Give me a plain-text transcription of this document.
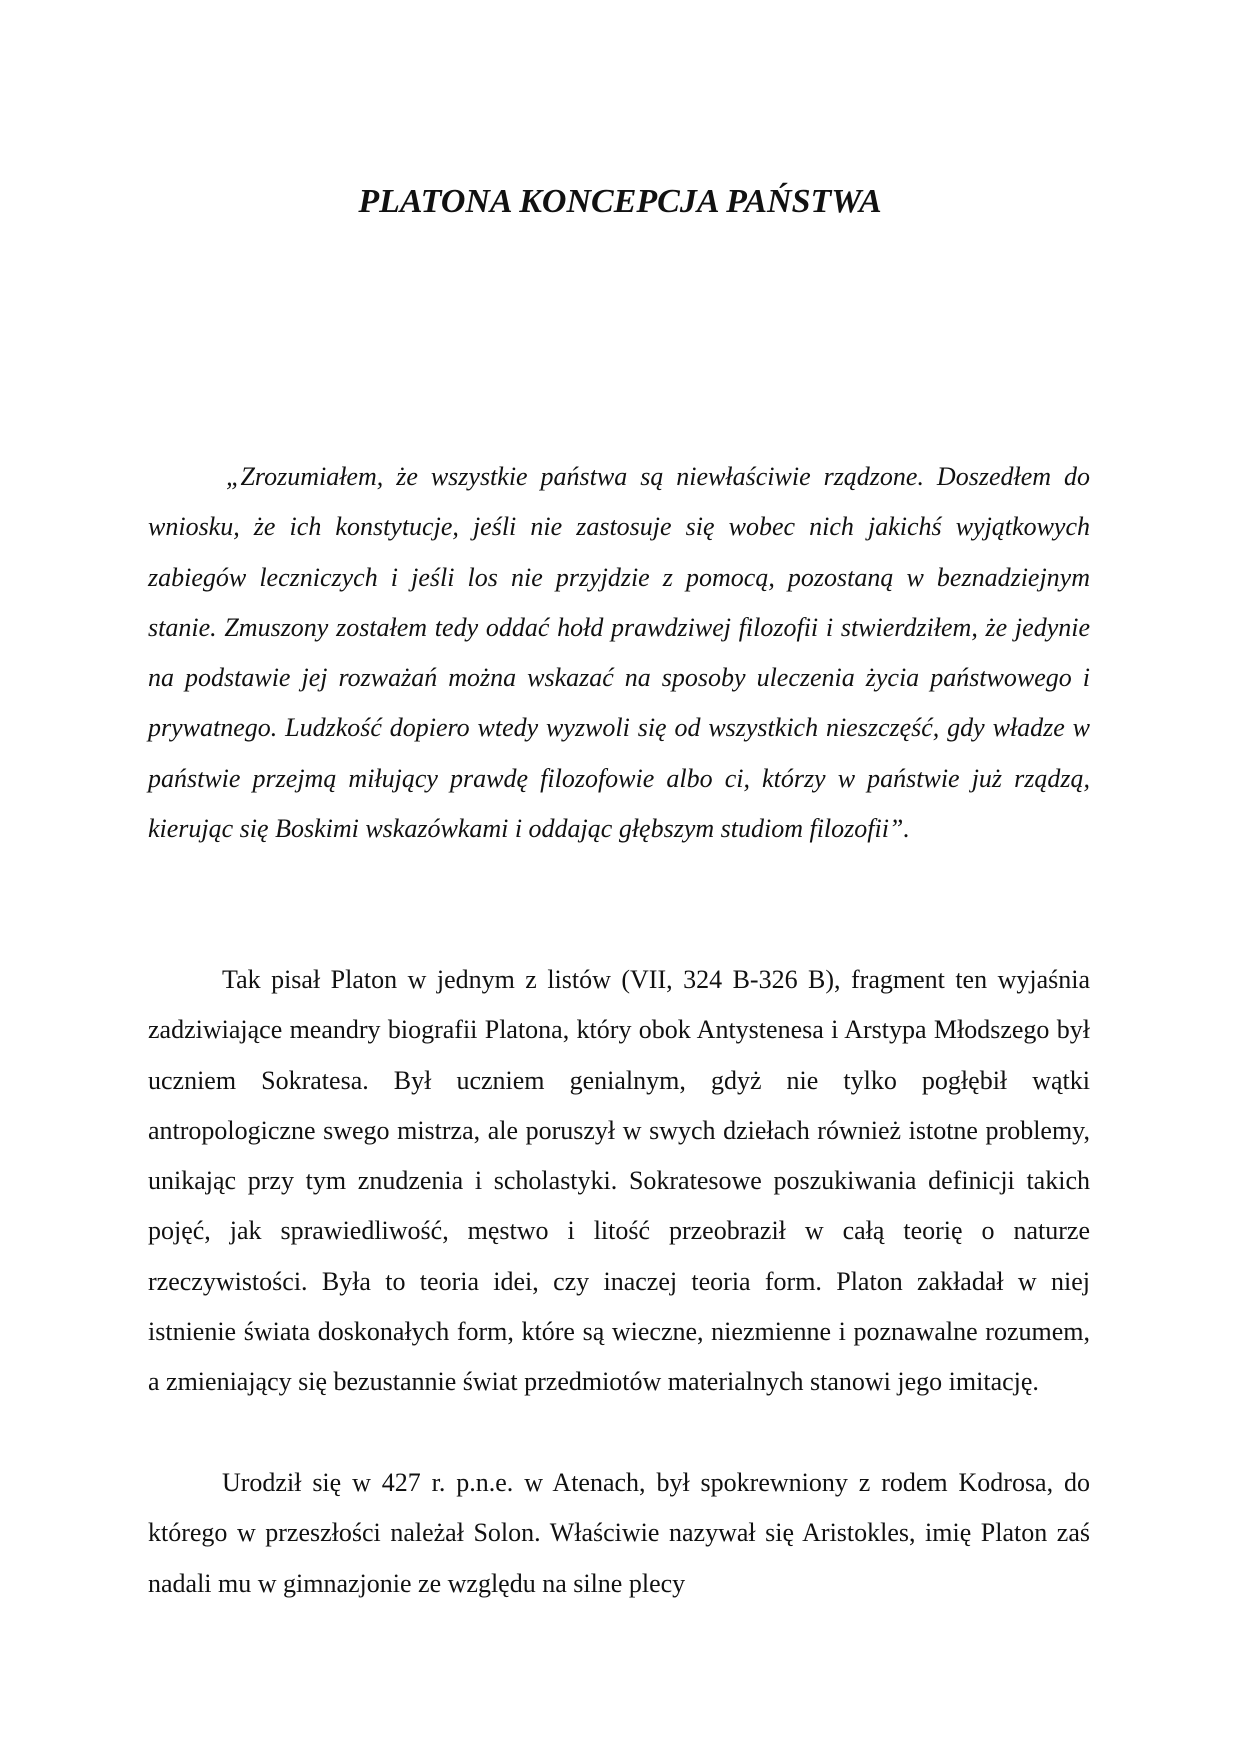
PLATONA KONCEPCJA PAŃSTWA

„Zrozumiałem, że wszystkie państwa są niewłaściwie rządzone. Doszedłem do wniosku, że ich konstytucje, jeśli nie zastosuje się wobec nich jakichś wyjątkowych zabiegów leczniczych i jeśli los nie przyjdzie z pomocą, pozostaną w beznadziejnym stanie. Zmuszony zostałem tedy oddać hołd prawdziwej filozofii i stwierdziłem, że jedynie na podstawie jej rozważań można wskazać na sposoby uleczenia życia państwowego i prywatnego. Ludzkość dopiero wtedy wyzwoli się od wszystkich nieszczęść, gdy władze w państwie przejmą miłujący prawdę filozofowie albo ci, którzy w państwie już rządzą, kierując się Boskimi wskazówkami i oddając głębszym studiom filozofii”.

Tak pisał Platon w jednym z listów (VII, 324 B-326 B), fragment ten wyjaśnia zadziwiające meandry biografii Platona, który obok Antystenesa i Arstypa Młodszego był uczniem Sokratesa. Był uczniem genialnym, gdyż nie tylko pogłębił wątki antropologiczne swego mistrza, ale poruszył w swych dziełach również istotne problemy, unikając przy tym znudzenia i scholastyki. Sokratesowe poszukiwania definicji takich pojęć, jak sprawiedliwość, męstwo i litość przeobraził w całą teorię o naturze rzeczywistości. Była to teoria idei, czy inaczej teoria form. Platon zakładał w niej istnienie świata doskonałych form, które są wieczne, niezmienne i poznawalne rozumem, a zmieniający się bezustannie świat przedmiotów materialnych stanowi jego imitację.

Urodził się w 427 r. p.n.e. w Atenach, był spokrewniony z rodem Kodrosa, do którego w przeszłości należał Solon. Właściwie nazywał się Aristokles, imię Platon zaś nadali mu w gimnazjonie ze względu na silne plecy
